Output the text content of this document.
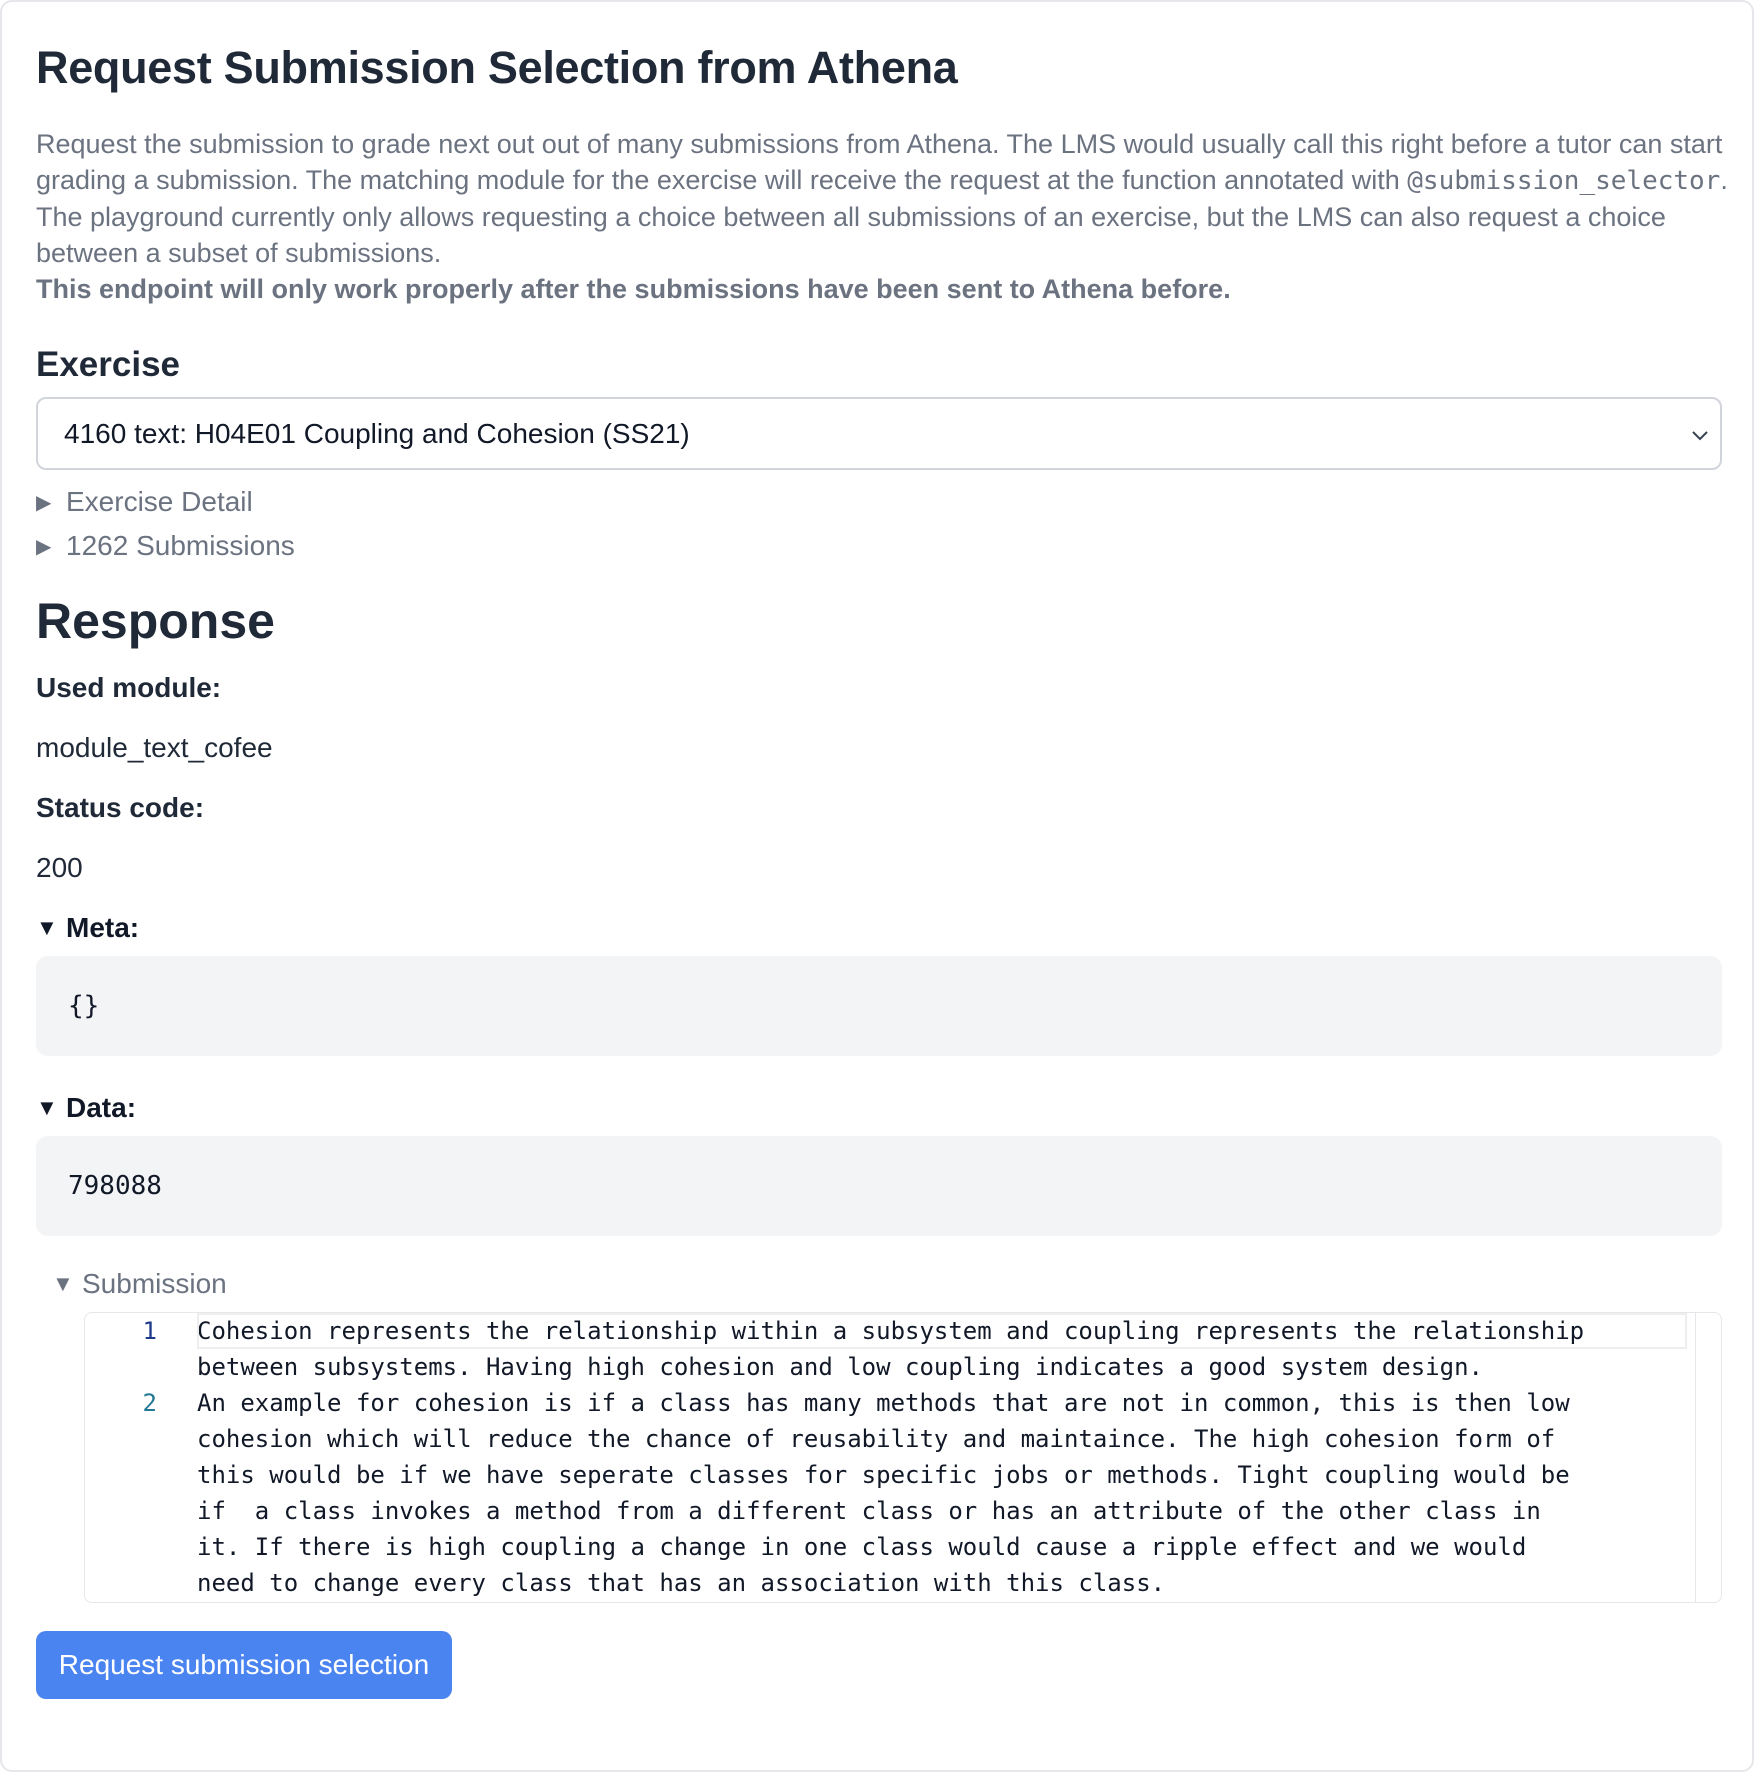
Request Submission Selection from Athena

Request the submission to grade next out out of many submissions from Athena. The LMS would usually call this right before a tutor can start grading a submission. The matching module for the exercise will receive the request at the function annotated with @submission_selector. The playground currently only allows requesting a choice between all submissions of an exercise, but the LMS can also request a choice between a subset of submissions.
This endpoint will only work properly after the submissions have been sent to Athena before.

Exercise
4160 text: H04E01 Coupling and Cohesion (SS21)
▶ Exercise Detail
▶ 1262 Submissions
Response
Used module:
module_text_cofee
Status code:
200
▼ Meta:
{}
▼ Data:
798088
▼ Submission
1	Cohesion represents the relationship within a subsystem and coupling represents the relationship between subsystems. Having high cohesion and low coupling indicates a good system design.
2	An example for cohesion is if a class has many methods that are not in common, this is then low cohesion which will reduce the chance of reusability and maintaince. The high cohesion form of this would be if we have seperate classes for specific jobs or methods. Tight coupling would be if  a class invokes a method from a different class or has an attribute of the other class in it. If there is high coupling a change in one class would cause a ripple effect and we would need to change every class that has an association with this class.
Request submission selection
